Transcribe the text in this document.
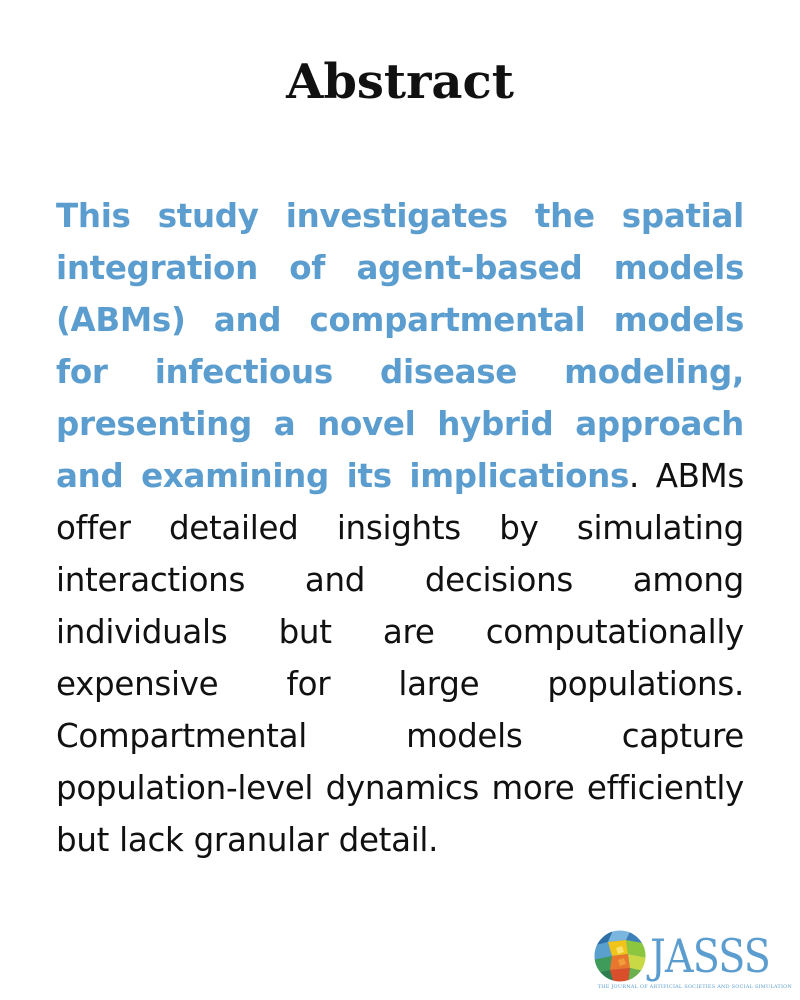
Abstract

This study investigates the spatial integration of agent-based models (ABMs) and compartmental models for infectious disease modeling, presenting a novel hybrid approach and examining its implications. ABMs offer detailed insights by simulating interactions and decisions among individuals but are computationally expensive for large populations. Compartmental models capture population-level dynamics more efficiently but lack granular detail.

JASSS
THE JOURNAL OF ARTIFICIAL SOCIETIES AND SOCIAL SIMULATION
